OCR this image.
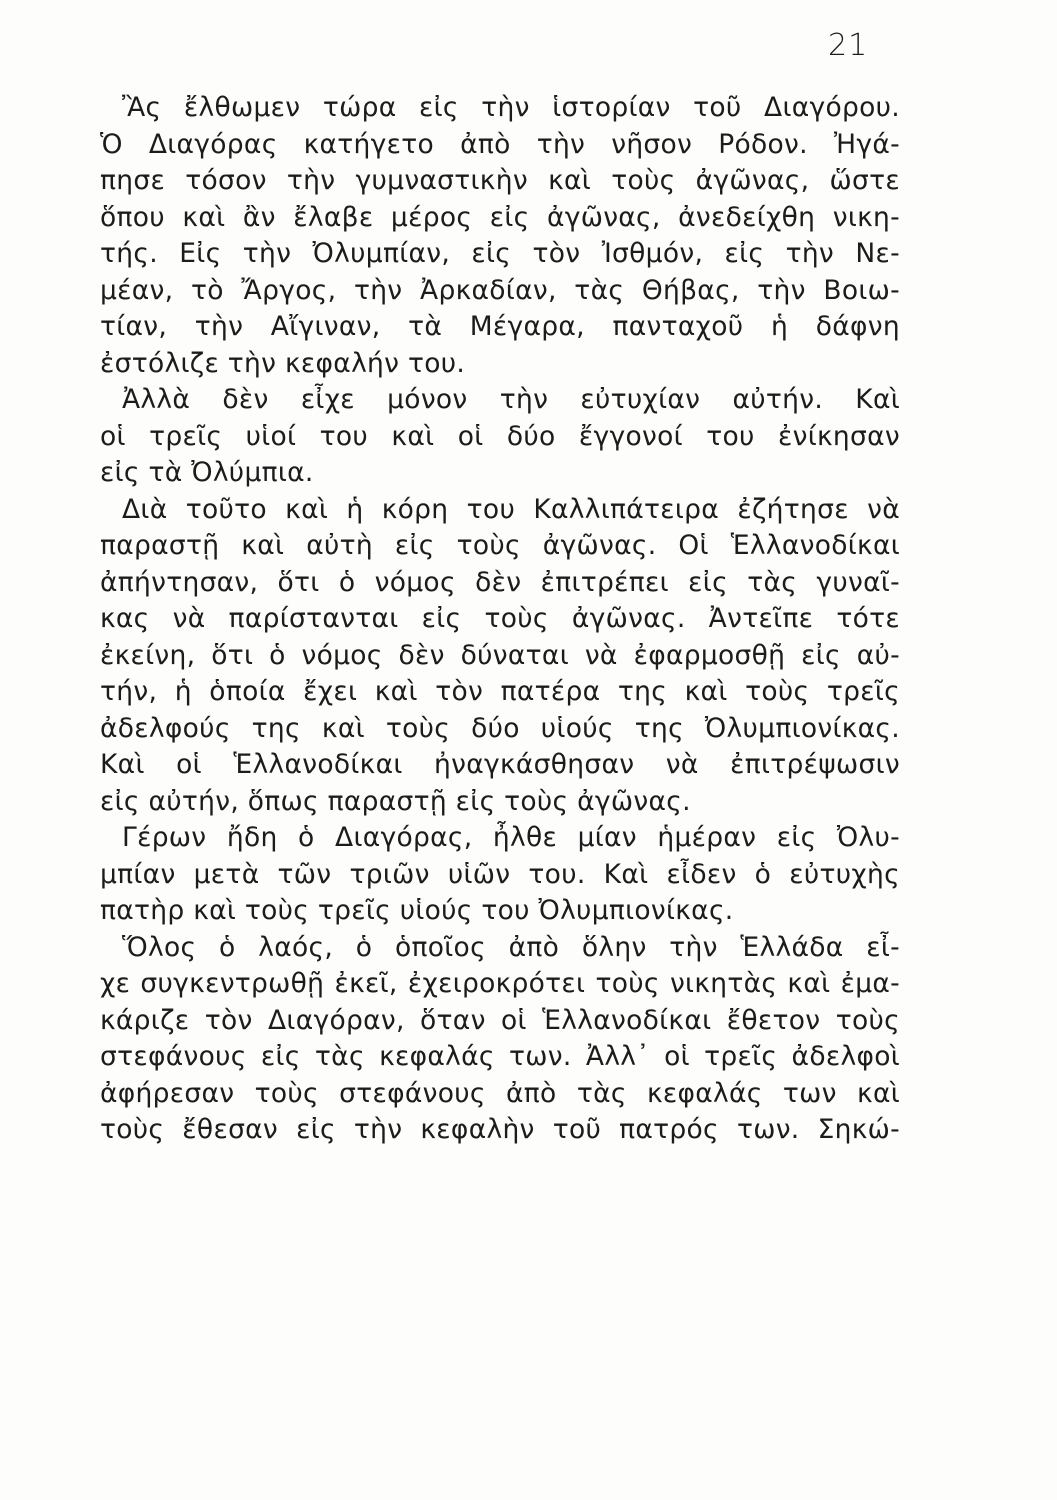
21
Ἂς ἔλθωμεν τώρα εἰς τὴν ἱστορίαν τοῦ Διαγόρου.
Ὁ Διαγόρας κατήγετο ἀπὸ τὴν νῆσον Ρόδον. Ἠγά-
πησε τόσον τὴν γυμναστικὴν καὶ τοὺς ἀγῶνας, ὥστε
ὅπου καὶ ἂν ἔλαβε μέρος εἰς ἀγῶνας, ἀνεδείχθη νικη-
τής. Εἰς τὴν Ὀλυμπίαν, εἰς τὸν Ἰσθμόν, εἰς τὴν Νε-
μέαν, τὸ Ἄργος, τὴν Ἀρκαδίαν, τὰς Θήβας, τὴν Βοιω-
τίαν, τὴν Αἴγιναν, τὰ Μέγαρα, πανταχοῦ ἡ δάφνη
ἐστόλιζε τὴν κεφαλήν του.
Ἀλλὰ δὲν εἶχε μόνον τὴν εὐτυχίαν αὐτήν. Καὶ
οἱ τρεῖς υἱοί του καὶ οἱ δύο ἔγγονοί του ἐνίκησαν
εἰς τὰ Ὀλύμπια.
Διὰ τοῦτο καὶ ἡ κόρη του Καλλιπάτειρα ἐζήτησε νὰ
παραστῇ καὶ αὐτὴ εἰς τοὺς ἀγῶνας. Οἱ Ἑλλανοδίκαι
ἀπήντησαν, ὅτι ὁ νόμος δὲν ἐπιτρέπει εἰς τὰς γυναῖ-
κας νὰ παρίστανται εἰς τοὺς ἀγῶνας. Ἀντεῖπε τότε
ἐκείνη, ὅτι ὁ νόμος δὲν δύναται νὰ ἐφαρμοσθῇ εἰς αὐ-
τήν, ἡ ὁποία ἔχει καὶ τὸν πατέρα της καὶ τοὺς τρεῖς
ἀδελφούς της καὶ τοὺς δύο υἱούς της Ὀλυμπιονίκας.
Καὶ οἱ Ἑλλανοδίκαι ἠναγκάσθησαν νὰ ἐπιτρέψωσιν
εἰς αὐτήν, ὅπως παραστῇ εἰς τοὺς ἀγῶνας.
Γέρων ἤδη ὁ Διαγόρας, ἦλθε μίαν ἡμέραν εἰς Ὀλυ-
μπίαν μετὰ τῶν τριῶν υἱῶν του. Καὶ εἶδεν ὁ εὐτυχὴς
πατὴρ καὶ τοὺς τρεῖς υἱούς του Ὀλυμπιονίκας.
Ὅλος ὁ λαός, ὁ ὁποῖος ἀπὸ ὅλην τὴν Ἑλλάδα εἶ-
χε συγκεντρωθῇ ἐκεῖ, ἐχειροκρότει τοὺς νικητὰς καὶ ἐμα-
κάριζε τὸν Διαγόραν, ὅταν οἱ Ἑλλανοδίκαι ἔθετον τοὺς
στεφάνους εἰς τὰς κεφαλάς των. Ἀλλ᾽ οἱ τρεῖς ἀδελφοὶ
ἀφήρεσαν τοὺς στεφάνους ἀπὸ τὰς κεφαλάς των καὶ
τοὺς ἔθεσαν εἰς τὴν κεφαλὴν τοῦ πατρός των. Σηκώ-
